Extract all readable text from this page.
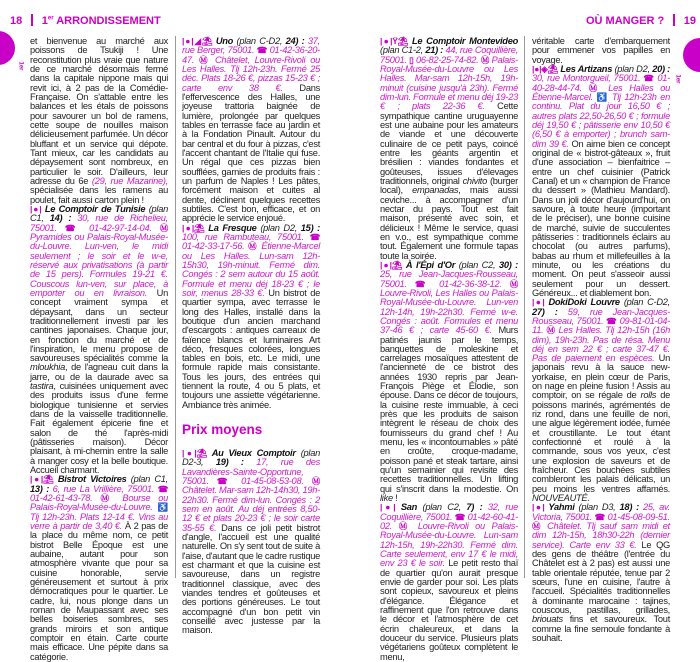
18 1er ARRONDISSEMENT	OÙ MANGER ? 19
1er
1er
et bienvenue au marché aux poissons de Tsukiji ! Une reconstitution plus vraie que nature de ce marché désormais fermé dans la capitale nippone mais qui revit ici, à 2 pas de la Comédie-Française. On s'attable entre les balances et les étals de poissons pour savourer un bol de ramens, cette soupe de nouilles maison délicieusement parfumée. Un décor bluffant et un service qui dépote. Tant mieux, car les candidats au dépaysement sont nombreux, en particulier le soir. D'ailleurs, leur adresse du 6e (29, rue Mazarine), spécialisée dans les ramens au poulet, fait aussi carton plein !
|●| Le Comptoir de Tunisie (plan C1, 14) : 30, rue de Richelieu, 75001. ☎ 01-42-97-14-04. Ⓜ Pyramides ou Palais-Royal-Musée-du-Louvre. Lun-ven, le midi seulement ; le soir et le w-e, réservé aux privatisations (à partir de 15 pers). Formules 19-21 €. Couscous lun-ven, sur place, à emporter ou en livraison. Un concept vraiment sympa et dépaysant, dans un secteur traditionnellement investi par les cantines japonaises. Chaque jour, en fonction du marché et de l'inspiration, le menu propose de savoureuses spécialités comme la mloukhia, de l'agneau cuit dans la jarre, ou de la daurade avec sa tastira, cuisinées uniquement avec des produits issus d'une ferme biologique tunisienne et servies dans de la vaisselle traditionnelle. Fait également épicerie fine et salon de thé l'après-midi (pâtisseries maison). Décor plaisant, à mi-chemin entre la salle à manger cosy et la belle boutique. Accueil charmant.
|●|⛱ Bistrot Victoires (plan C1, 13) : 6, rue La Vrillière, 75001. ☎ 01-42-61-43-78. Ⓜ Bourse ou Palais-Royal-Musée-du-Louvre. ♿ Tlj 12h-23h. Plats 12-14 €. Vins au verre à partir de 3,40 €. À 2 pas de la place du même nom, ce petit bistrot Belle Époque est une aubaine, autant pour son atmosphère vivante que pour sa cuisine honorable, servie généreusement et surtout à prix démocratiques pour le quartier. Le cadre, lui, nous plonge dans un roman de Maupassant avec ses belles boiseries sombres, ses grands miroirs et son antique comptoir en étain. Carte courte mais efficace. Une pépite dans sa catégorie.
|●|◢⛱ Uno (plan C-D2, 24) : 37, rue Berger, 75001. ☎ 01-42-36-20-47. Ⓜ Châtelet, Louvre-Rivoli ou Les Halles. Tlj 12h-23h. Fermé 25 déc. Plats 18-26 €, pizzas 15-23 € ; carte env 38 €. Dans l'effervescence des Halles, une joyeuse trattoria baignée de lumière, prolongée par quelques tables en terrasse face au jardin et à la Fondation Pinault. Autour du bar central et du four à pizzas, c'est l'accent chantant de l'Italie qui fuse. Un régal que ces pizzas bien soufflées, garnies de produits frais : un parfum de Naples ! Les pâtes, forcément maison et cuites al dente, déclinent quelques recettes subtiles. C'est bon, efficace, et on apprécie le service enjoué.
|●|⛱ La Fresque (plan D2, 15) : 100, rue Rambuteau, 75001. ☎ 01-42-33-17-56. Ⓜ Étienne-Marcel ou Les Halles. Lun-sam 12h-15h30, 19h-minuit. Fermé dim. Congés : 2 sem autour du 15 août. Formule et menu déj 18-23 € ; le soir, menus 28-33 €. Un bistrot de quartier sympa, avec terrasse le long des Halles, installé dans la boutique d'un ancien marchand d'escargots : antiques carreaux de faïence blancs et luminaires Art déco, fresques colorées, longues tables en bois, etc. Le midi, une formule rapide mais consistante. Tous les jours, des entrées qui tiennent la route, 4 ou 5 plats, et toujours une assiette végétarienne. Ambiance très animée.
Prix moyens
|●|⛱ Au Vieux Comptoir (plan D2-3, 19) : 17, rue des Lavandières-Sainte-Opportune, 75001. ☎ 01-45-08-53-08. Ⓜ Châtelet. Mar-sam 12h-14h30, 19h-22h30. Fermé dim-lun. Congés : 2 sem en août. Au déj entrées 8,50-12 € et plats 20-23 € ; le soir carte 35-55 €. Dans ce joli petit bistrot d'angle, l'accueil est une qualité naturelle. On s'y sent tout de suite à l'aise, d'autant que le cadre rustique est charmant et que la cuisine est savoureuse, dans un registre traditionnel classique, avec des viandes tendres et goûteuses et des portions généreuses. Le tout accompagné d'un bon petit vin conseillé avec justesse par la maison.
|●|Ÿ⛱ Le Comptoir Montevideo (plan C1-2, 21) : 44, rue Coquillière, 75001. ▯ 06-82-25-74-82. Ⓜ Palais-Royal-Musée-du-Louvre ou Les Halles. Mar-sam 12h-15h, 19h-minuit (cuisine jusqu'à 23h). Fermé dim-lun. Formule et menu déj 19-23 € ; plats 22-36 €. Cette sympathique cantine uruguayenne est une aubaine pour les amateurs de viande et une découverte culinaire de ce petit pays, coincé entre les géants argentin et brésilien : viandes fondantes et goûteuses, issues d'élevages traditionnels, original chivito (burger local), empanadas, mais aussi ceviche... à accompagner d'un nectar du pays. Tout est fait maison, présenté avec soin, et délicieux ! Même le service, quasi en v.o., est sympathique comme tout. Également une formule tapas toute la soirée.
|●|⛱ À l'Épi d'Or (plan C2, 30) : 25, rue Jean-Jacques-Rousseau, 75001. ☎ 01-42-36-38-12. Ⓜ Louvre-Rivoli, Les Halles ou Palais-Royal-Musée-du-Louvre. Lun-ven 12h-14h, 19h-22h30. Fermé w-e. Congés : août. Formules et menu 37-46 € ; carte 45-60 €. Murs patinés jaunis par le temps, banquettes de moleskine et carrelages mosaïques attestent de l'ancienneté de ce bistrot des années 1930 repris par Jean-François Piège et Élodie, son épouse. Dans ce décor de toujours, la cuisine reste immuable, à ceci près que les produits de saison intègrent le réseau de choix des fournisseurs du grand chef ! Au menu, les « incontournables » pâté en croûte, croque-madame, poisson pané et steak tartare, ainsi qu'un semainier qui revisite des recettes traditionnelles. Un lifting qui s'inscrit dans la modestie. On like !
|●| San (plan C2, 7) : 32, rue Coquillière, 75001. ☎ 01-42-60-41-02. Ⓜ Louvre-Rivoli ou Palais-Royal-Musée-du-Louvre. Lun-sam 12h-15h, 19h-22h30. Fermé dim. Carte seulement, env 17 € le midi, env 23 € le soir. Le petit resto thaï de quartier qu'on aurait presque envie de garder pour soi. Les plats sont copieux, savoureux et pleins d'élégance. Élégance et raffinement que l'on retrouve dans le décor et l'atmosphère de cet écrin chaleureux, et dans la douceur du service. Plusieurs plats végétariens goûteux complètent le menu,
véritable carte d'embarquement pour emmener vos papilles en voyage.
|●|◈⛱ Les Artizans (plan D2, 20) : 30, rue Montorgueil, 75001. ☎ 01-40-28-44-74. Ⓜ Les Halles ou Étienne-Marcel. ♿ Tlj 12h-23h en continu. Plat du jour 16,50 € ; autres plats 22,50-26,50 € ; formule déj 19,50 € ; pâtisserie env 10,50 € (6,50 € à emporter) ; brunch sam-dim 39 €. On aime bien ce concept original de « bistrot-gâteaux », fruit d'une association – bienfaitrice – entre un chef cuisinier (Patrick Canal) et un « champion de France du dessert » (Mathieu Mandard). Dans un joli décor d'aujourd'hui, on savoure, à toute heure (important de le préciser), une bonne cuisine de marché, suivie de succulentes pâtisseries : traditionnels éclairs au chocolat (ou autres parfums), babas au rhum et millefeuilles à la minute, ou les créations du moment. On peut s'asseoir aussi seulement pour un dessert. Généreux... et diablement bon.
|●| DokiDoki Louvre (plan C-D2, 27) : 59, rue Jean-Jacques-Rousseau, 75001. ☎ 09-81-01-04-11. Ⓜ Les Halles. Tlj 12h-15h (16h dim), 19h-23h. Pas de résa. Menu déj en sem 22 € ; carte 37-47 €. Pas de paiement en espèces. Un japonais revu à la sauce new-yorkaise, en plein cœur de Paris, on nage en pleine fusion ! Assis au comptoir, on se régale de rolls de poissons marinés, agrémentés de riz rond, dans une feuille de nori, une algue légèrement iodée, fumée et croustillante. Le tout étant confectionné et roulé à la commande, sous vos yeux, c'est une explosion de saveurs et de fraîcheur. Ces bouchées subtiles combleront les palais délicats, un peu moins les ventres affamés. NOUVEAUTÉ.
|●| Yahmi (plan D3, 18) : 25, av. Victoria, 75001. ☎ 01-45-08-09-51. Ⓜ Châtelet. Tlj sauf sam midi et dim 12h-15h, 18h30-22h (dernier service). Carte env 33 €. Le QG des gens de théâtre (l'entrée du Châtelet est à 2 pas) est aussi une table orientale réputée, tenue par 2 sœurs, l'une en cuisine, l'autre à l'accueil. Spécialités traditionnelles à dominante marocaine : tajines, couscous, pastillas, grillades, briouats fins et savoureux. Tout comme la fine semoule fondante à souhait.
